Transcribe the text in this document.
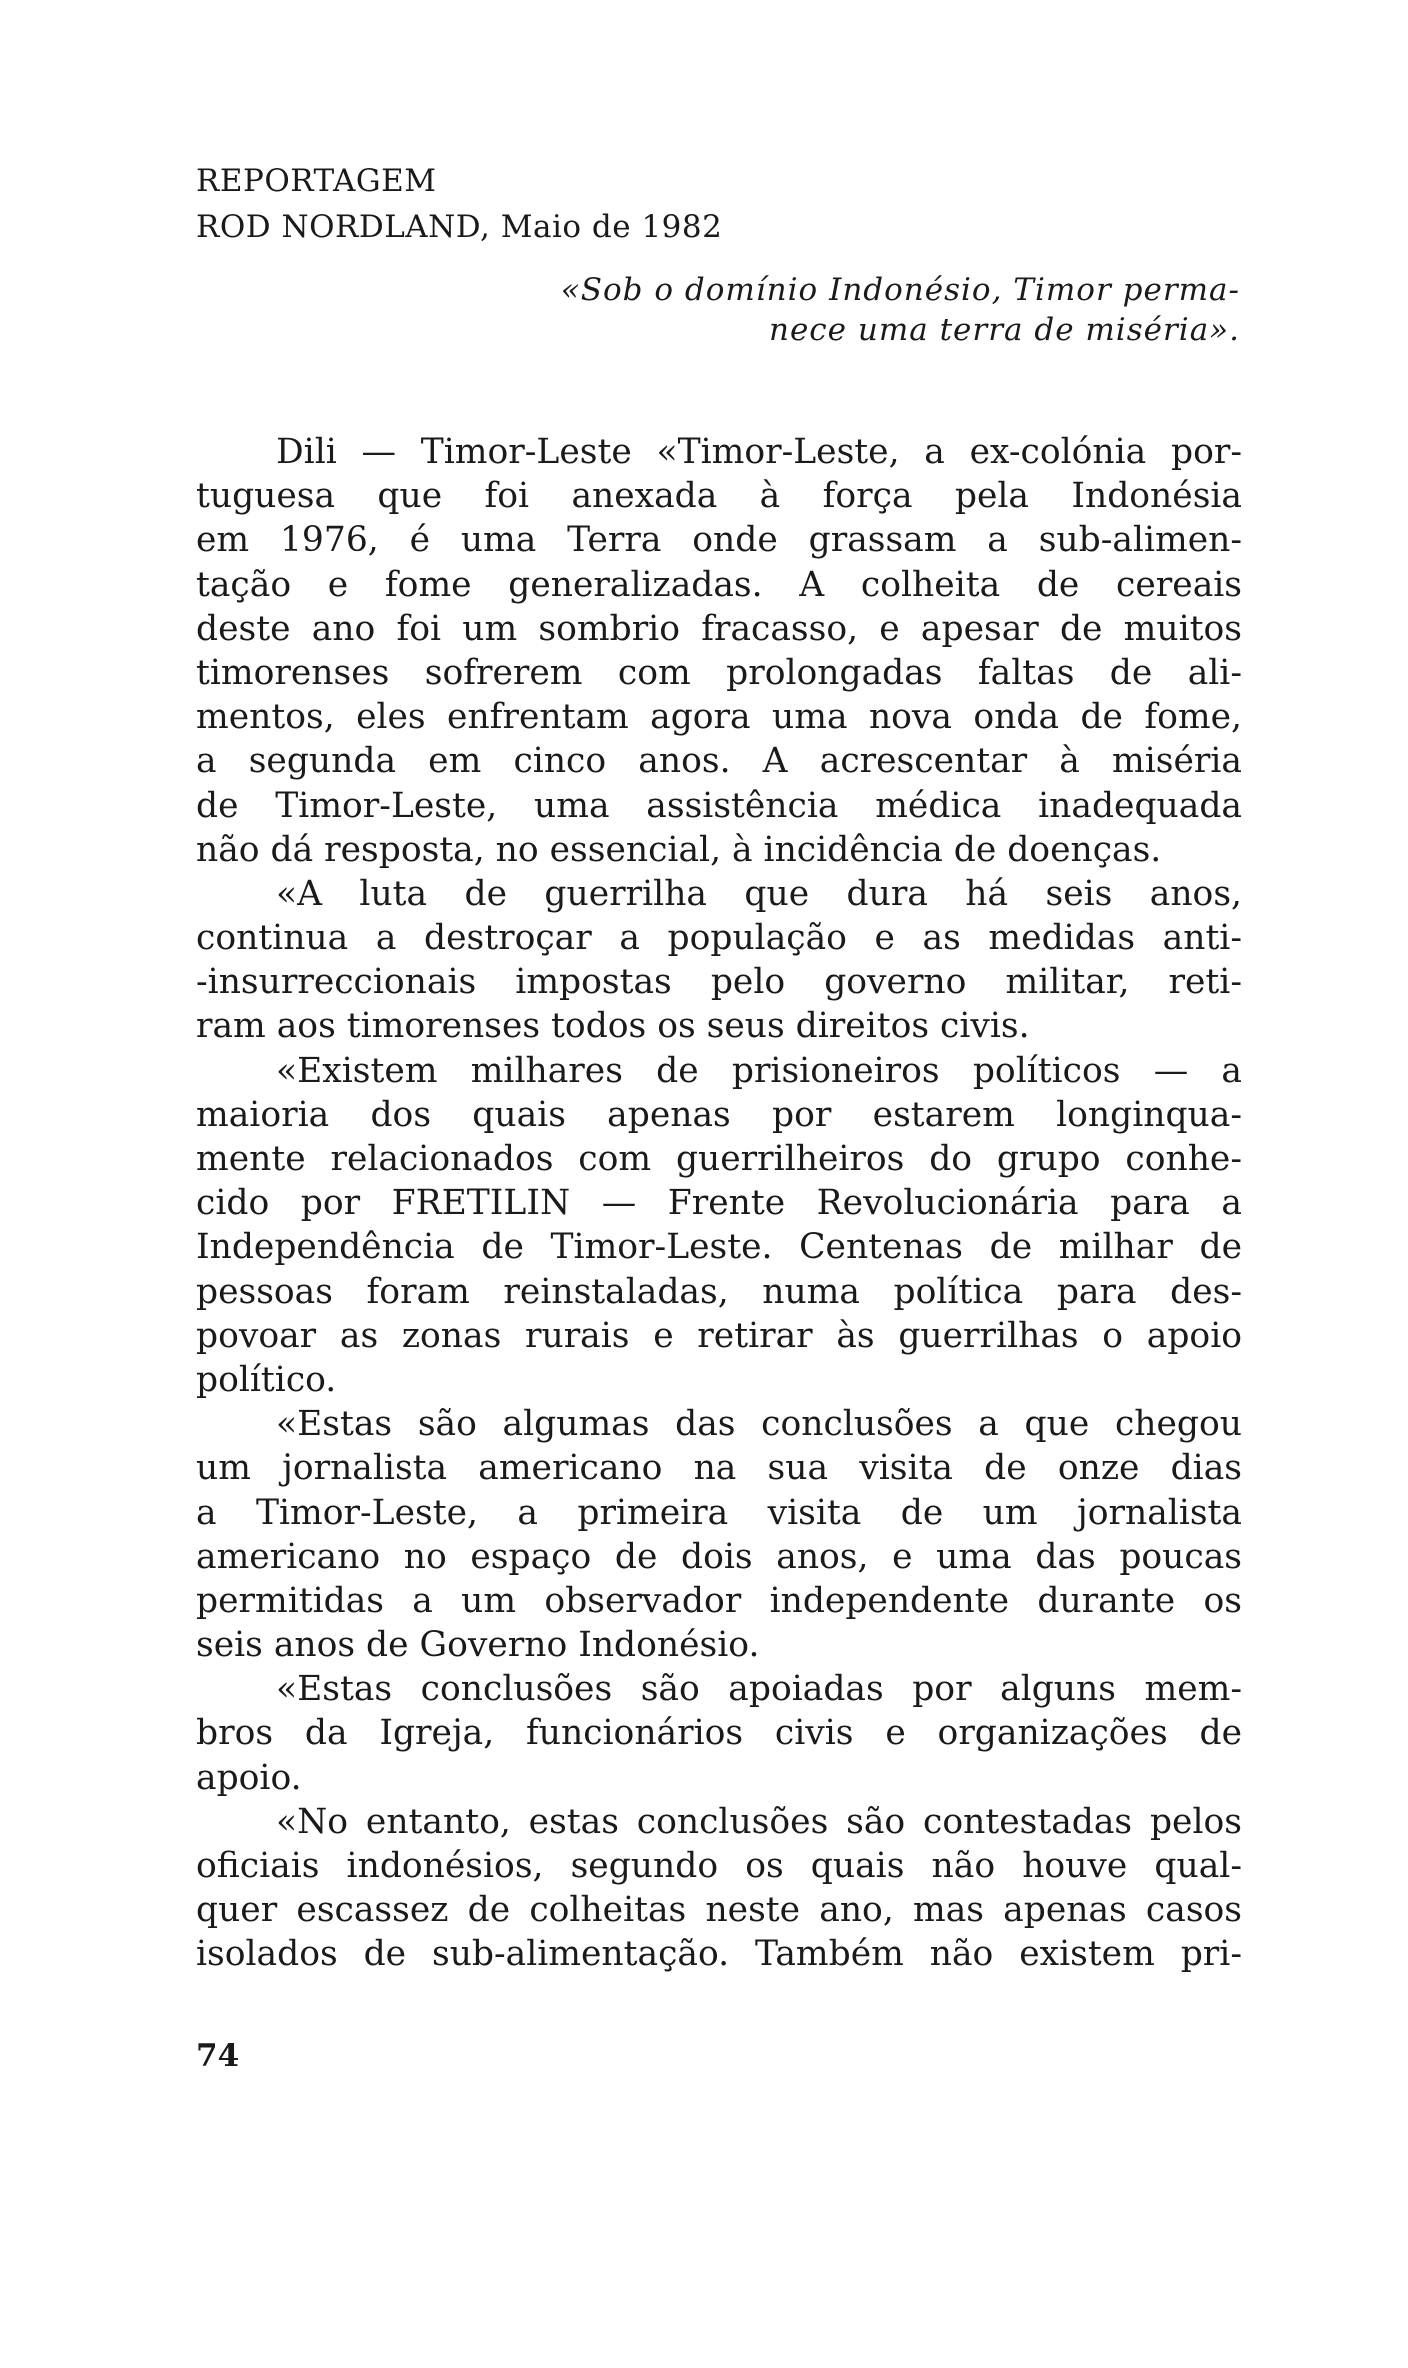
REPORTAGEM
ROD NORDLAND, Maio de 1982
«Sob o domínio Indonésio, Timor perma-
nece uma terra de miséria».
Dili — Timor-Leste «Timor-Leste, a ex-colónia por-
tuguesa que foi anexada à força pela Indonésia
em 1976, é uma Terra onde grassam a sub-alimen-
tação e fome generalizadas. A colheita de cereais
deste ano foi um sombrio fracasso, e apesar de muitos
timorenses sofrerem com prolongadas faltas de ali-
mentos, eles enfrentam agora uma nova onda de fome,
a segunda em cinco anos. A acrescentar à miséria
de Timor-Leste, uma assistência médica inadequada
não dá resposta, no essencial, à incidência de doenças.
«A luta de guerrilha que dura há seis anos,
continua a destroçar a população e as medidas anti-
-insurreccionais impostas pelo governo militar, reti-
ram aos timorenses todos os seus direitos civis.
«Existem milhares de prisioneiros políticos — a
maioria dos quais apenas por estarem longinqua-
mente relacionados com guerrilheiros do grupo conhe-
cido por FRETILIN — Frente Revolucionária para a
Independência de Timor-Leste. Centenas de milhar de
pessoas foram reinstaladas, numa política para des-
povoar as zonas rurais e retirar às guerrilhas o apoio
político.
«Estas são algumas das conclusões a que chegou
um jornalista americano na sua visita de onze dias
a Timor-Leste, a primeira visita de um jornalista
americano no espaço de dois anos, e uma das poucas
permitidas a um observador independente durante os
seis anos de Governo Indonésio.
«Estas conclusões são apoiadas por alguns mem-
bros da Igreja, funcionários civis e organizações de
apoio.
«No entanto, estas conclusões são contestadas pelos
oficiais indonésios, segundo os quais não houve qual-
quer escassez de colheitas neste ano, mas apenas casos
isolados de sub-alimentação. Também não existem pri-
74
